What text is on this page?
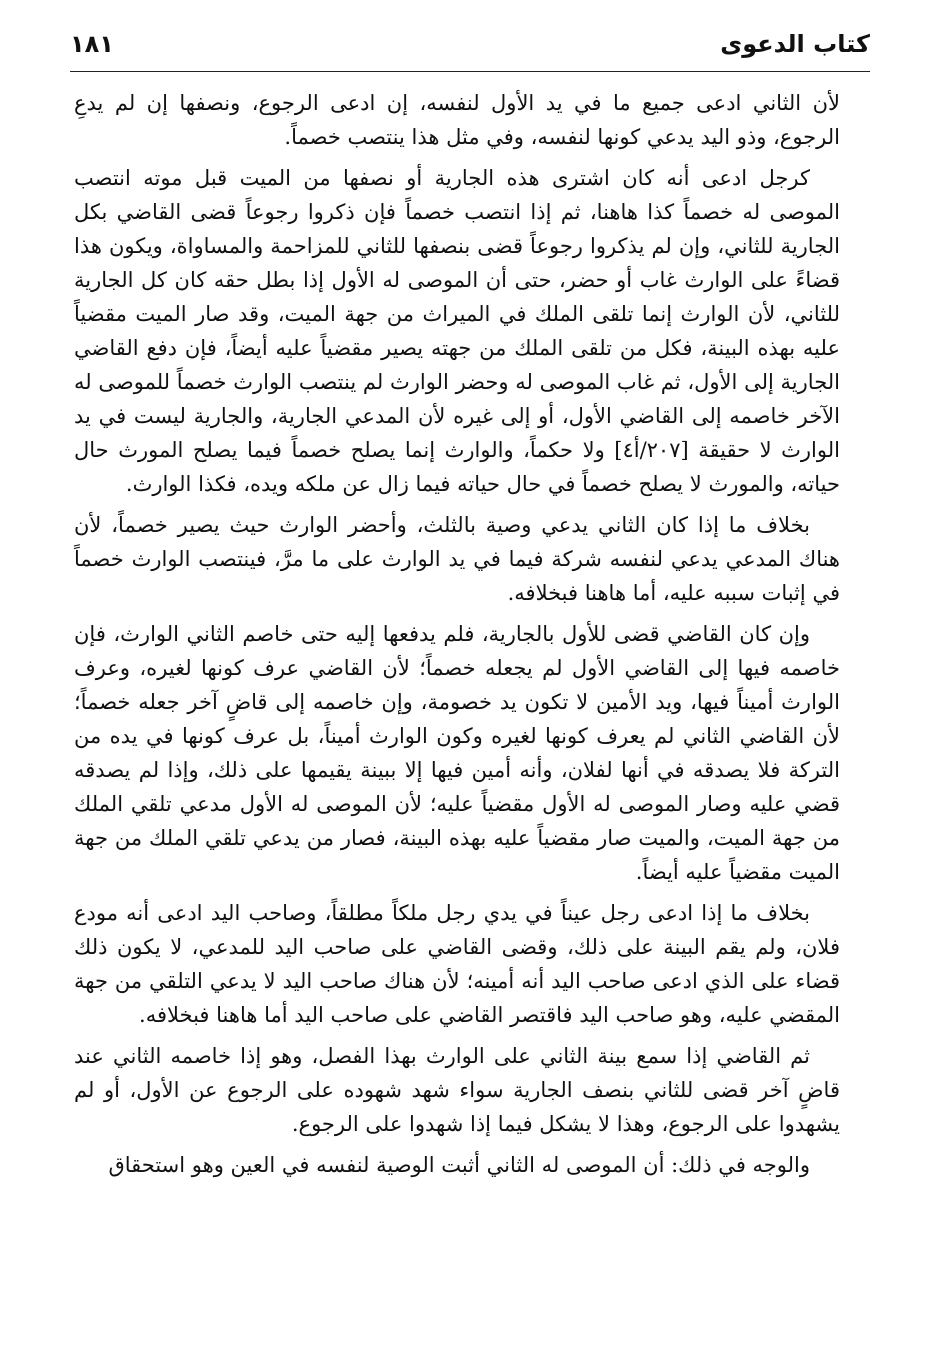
كتاب الدعوى
١٨١

لأن الثاني ادعى جميع ما في يد الأول لنفسه، إن ادعى الرجوع، ونصفها إن لم يدعِ الرجوع، وذو اليد يدعي كونها لنفسه، وفي مثل هذا ينتصب خصماً.

كرجل ادعى أنه كان اشترى هذه الجارية أو نصفها من الميت قبل موته انتصب الموصى له خصماً كذا هاهنا، ثم إذا انتصب خصماً فإن ذكروا رجوعاً قضى القاضي بكل الجارية للثاني، وإن لم يذكروا رجوعاً قضى بنصفها للثاني للمزاحمة والمساواة، ويكون هذا قضاءً على الوارث غاب أو حضر، حتى أن الموصى له الأول إذا بطل حقه كان كل الجارية للثاني، لأن الوارث إنما تلقى الملك في الميراث من جهة الميت، وقد صار الميت مقضياً عليه بهذه البينة، فكل من تلقى الملك من جهته يصير مقضياً عليه أيضاً، فإن دفع القاضي الجارية إلى الأول، ثم غاب الموصى له وحضر الوارث لم ينتصب الوارث خصماً للموصى له الآخر خاصمه إلى القاضي الأول، أو إلى غيره لأن المدعي الجارية، والجارية ليست في يد الوارث لا حقيقة [٢٠٧/أ٤] ولا حكماً، والوارث إنما يصلح خصماً فيما يصلح المورث حال حياته، والمورث لا يصلح خصماً في حال حياته فيما زال عن ملكه ويده، فكذا الوارث.

بخلاف ما إذا كان الثاني يدعي وصية بالثلث، وأحضر الوارث حيث يصير خصماً، لأن هناك المدعي يدعي لنفسه شركة فيما في يد الوارث على ما مرَّ، فينتصب الوارث خصماً في إثبات سببه عليه، أما هاهنا فبخلافه.

وإن كان القاضي قضى للأول بالجارية، فلم يدفعها إليه حتى خاصم الثاني الوارث، فإن خاصمه فيها إلى القاضي الأول لم يجعله خصماً؛ لأن القاضي عرف كونها لغيره، وعرف الوارث أميناً فيها، ويد الأمين لا تكون يد خصومة، وإن خاصمه إلى قاضٍ آخر جعله خصماً؛ لأن القاضي الثاني لم يعرف كونها لغيره وكون الوارث أميناً، بل عرف كونها في يده من التركة فلا يصدقه في أنها لفلان، وأنه أمين فيها إلا ببينة يقيمها على ذلك، وإذا لم يصدقه قضي عليه وصار الموصى له الأول مقضياً عليه؛ لأن الموصى له الأول مدعي تلقي الملك من جهة الميت، والميت صار مقضياً عليه بهذه البينة، فصار من يدعي تلقي الملك من جهة الميت مقضياً عليه أيضاً.

بخلاف ما إذا ادعى رجل عيناً في يدي رجل ملكاً مطلقاً، وصاحب اليد ادعى أنه مودع فلان، ولم يقم البينة على ذلك، وقضى القاضي على صاحب اليد للمدعي، لا يكون ذلك قضاء على الذي ادعى صاحب اليد أنه أمينه؛ لأن هناك صاحب اليد لا يدعي التلقي من جهة المقضي عليه، وهو صاحب اليد فاقتصر القاضي على صاحب اليد أما هاهنا فبخلافه.

ثم القاضي إذا سمع بينة الثاني على الوارث بهذا الفصل، وهو إذا خاصمه الثاني عند قاضٍ آخر قضى للثاني بنصف الجارية سواء شهد شهوده على الرجوع عن الأول، أو لم يشهدوا على الرجوع، وهذا لا يشكل فيما إذا شهدوا على الرجوع.

والوجه في ذلك: أن الموصى له الثاني أثبت الوصية لنفسه في العين وهو استحقاق
